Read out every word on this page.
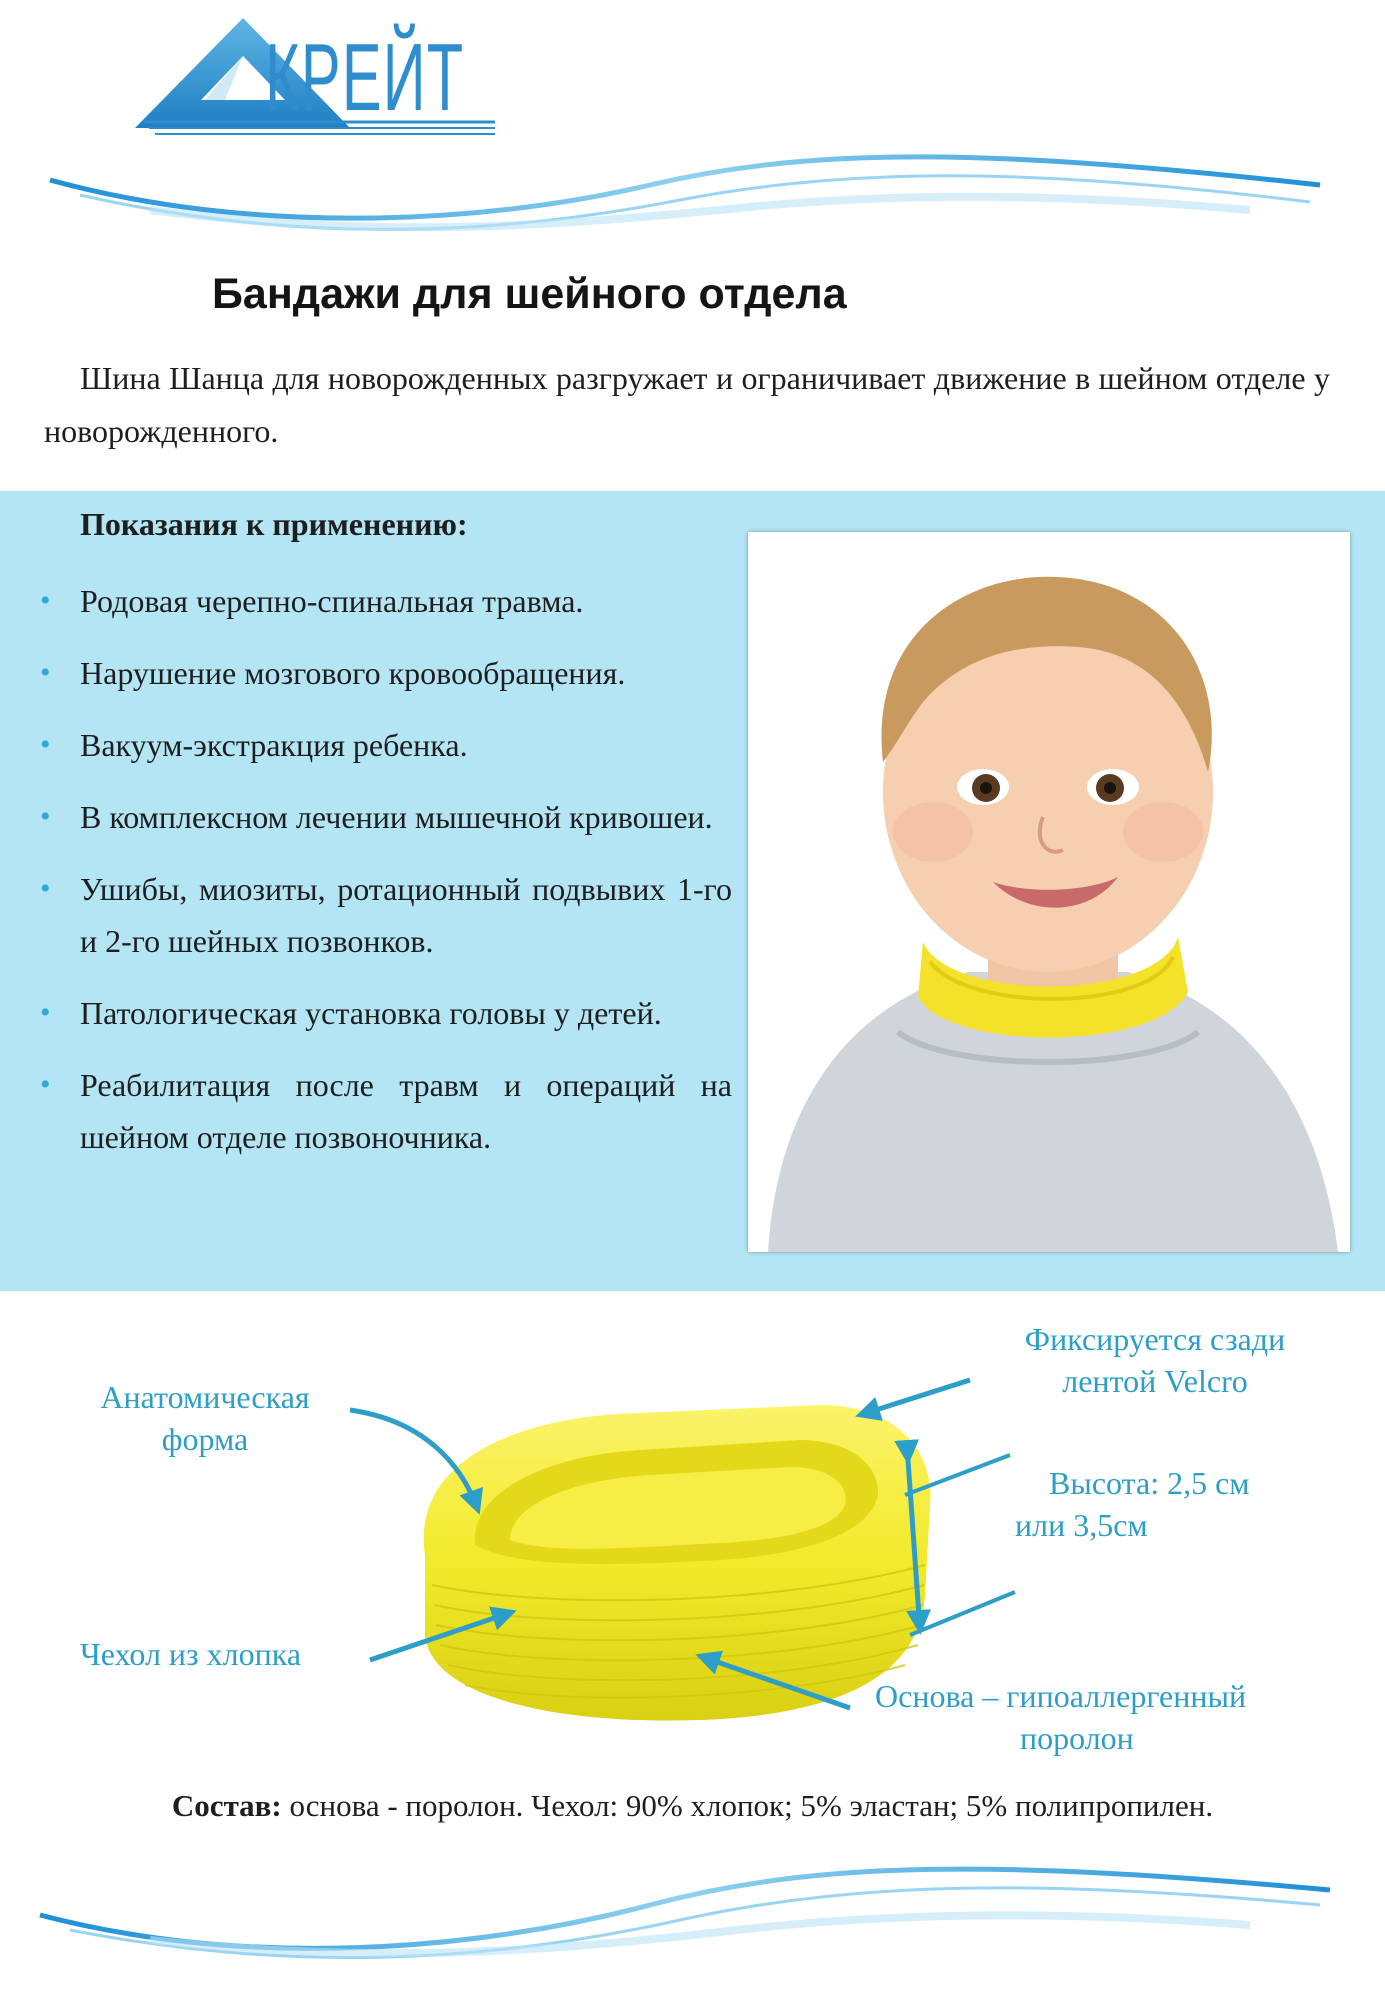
КРЕЙТ
Бандажи для шейного отдела
Шина Шанца для новорожденных разгружает и ограничивает движение в шейном отделе у новорожденного.
Показания к применению:
• Родовая черепно-спинальная травма.
• Нарушение мозгового кровообращения.
• Вакуум-экстракция ребенка.
• В комплексном лечении мышечной кривошеи.
• Ушибы, миозиты, ротационный подвывих 1-го и 2-го шейных позвонков.
• Патологическая установка головы у детей.
• Реабилитация после травм и операций на шейном отделе позвоночника.
Анатомическая форма
Чехол из хлопка
Фиксируется сзади лентой Velcro
Высота: 2,5 см
или 3,5см
Основа – гипоаллергенный
поролон
Состав: основа - поролон. Чехол: 90% хлопок; 5% эластан; 5% полипропилен.
